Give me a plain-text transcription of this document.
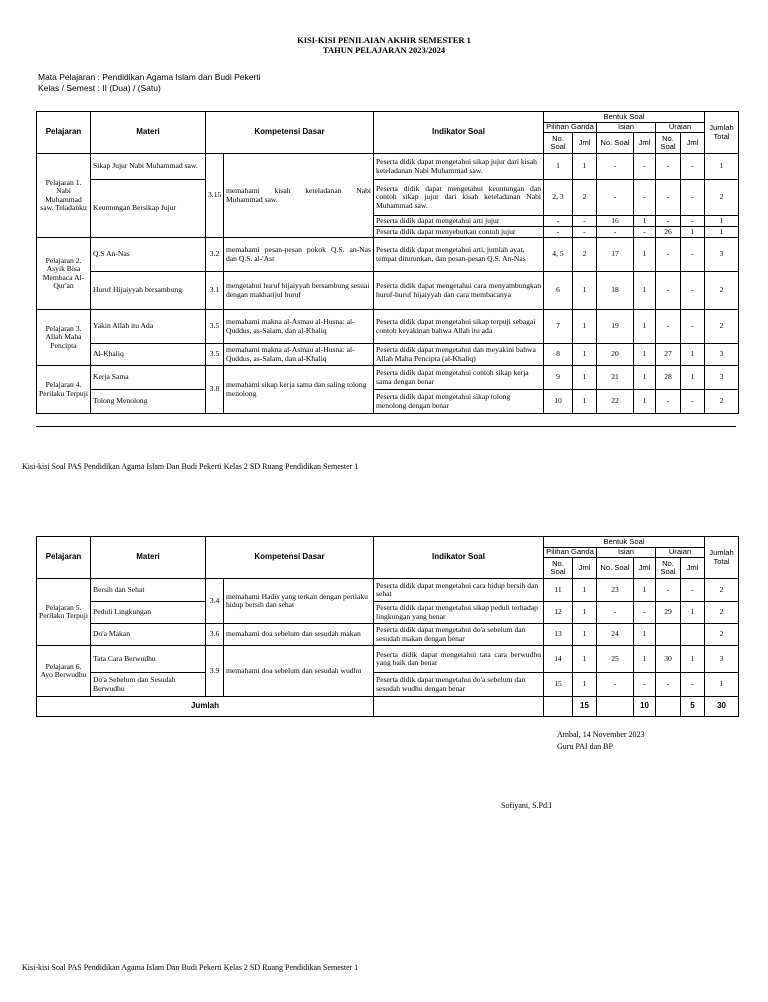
KISI-KISI PENILAIAN AKHIR SEMESTER 1
TAHUN PELAJARAN 2023/2024
Mata Pelajaran : Pendidikan Agama Islam dan Budi Pekerti
Kelas / Semest : II (Dua) / (Satu)
Pelajaran	Materi	Kompetensi Dasar		Indikator Soal	Bentuk Soal						Jumlah Total
					Pilihan Ganda		Isian		Uraian		
					No. Soal	Jml	No. Soal	Jml	No. Soal	Jml	
Pelajaran 1. Nabi Muhammad saw. Teladanku	Sikap Jujur Nabi Muhammad saw.	3.15	memahami kisah keteladanan Nabi Muhammad saw.	Peserta didik dapat mengetahui sikap jujur dari kisah keteladanan Nabi Muhammad saw.	1	1	-	-	-	-	1
	Keuntungan Bersikap Jujur			Peserta didik dapat mengetahui keuntungan dan contoh sikap jujur dari kisah keteladanan Nabi Muhammad saw.	2, 3	2	-	-	-	-	2
				Peserta didik dapat mengetahui arti jujur	-	-	16	1	-	-	1
				Peserta didik dapat menyebutkan contoh jujur	-	-	-	-	26	1	1
Pelajaran 2. Asyik Bisa Membaca Al-Qur'an	Q.S An-Nas	3.2	memahami pesan-pesan pokok Q.S. an-Nas dan Q.S. al-'Asr	Peserta didik dapat mengetahui arti, jumlah ayat, tempat diturunkan, dan pesan-pesan Q.S. An-Nas	4, 5	2	17	1	-	-	3
	Huruf Hijaiyyah bersambung	3.1	mengetahui huruf hijaiyyah bersambung sesuai dengan makharijul huruf	Peserta didik dapat mengetahui cara menyambungkan huruf-huruf hijaiyyah dan cara membacanya	6	1	18	1	-	-	2
Pelajaran 3. Allah Maha Pencipta	Yakin Allah itu Ada	3.5	memahami makna al-Asmau al-Husna: al-Quddus, as-Salam, dan al-Khaliq	Peserta didik dapat mengetahui sikap terpuji sebagai contoh keyakinan bahwa Allah itu ada	7	1	19	1	-	-	2
	Al-Khaliq	3.5	memahami makna al-Asmau al-Husna: al-Quddus, as-Salam, dan al-Khaliq	Peserta didik dapat mengetahui dan meyakini bahwa Allah Maha Pencipta (al-Khaliq)	8	1	20	1	27	1	3
Pelajaran 4. Perilaku Terpuji	Kerja Sama	3.8	memahami sikap kerja sama dan saling tolong menolong	Peserta didik dapat mengetahui contoh sikap kerja sama dengan benar	9	1	21	1	28	1	3
	Tolong Menolong			Peserta didik dapat mengetahui sikap tolong menolong dengan benar	10	1	22	1	-	-	2
Kisi-kisi Soal PAS Pendidikan Agama Islam Dan Budi Pekerti Kelas 2 SD Ruang Pendidikan Semester 1
Pelajaran	Materi	Kompetensi Dasar		Indikator Soal	Bentuk Soal						Jumlah Total
					Pilihan Ganda		Isian		Uraian		
					No. Soal	Jml	No. Soal	Jml	No. Soal	Jml	
Pelajaran 5. Perilaku Terpuji	Bersih dan Sehat	3.4	memahami Hadis yang terkait dengan perilaku hidup bersih dan sehat	Peserta didik dapat mengetahui cara hidup bersih dan sehat	11	1	23	1	-	-	2
	Peduli Lingkungan			Peserta didik dapat mengetahui sikap peduli terhadap lingkungan yang benar	12	1	-	-	29	1	2
	Do'a Makan	3.6	memahami doa sebelum dan sesudah makan	Peserta didik dapat mengetahui do'a sebelum dan sesudah makan dengan benar	13	1	24	1			2
Pelajaran 6. Ayo Berwudhu	Tata Cara Berwudhu	3.9	memahami doa sebelum dan sesudah wudhu	Peserta didik dapat mengetahui tata cara berwudhu yang baik dan benar	14	1	25	1	30	1	3
	Do'a Sebelum dan Sesudah Berwudhu			Peserta didik dapat mengetahui do'a sebelum dan sesudah wudhu dengan benar	15	1	-	-	-	-	1
Jumlah						15		10		5	30
Ambal, 14 November 2023
Guru PAI dan BP
Sofiyani, S.Pd.I
Kisi-kisi Soal PAS Pendidikan Agama Islam Dan Budi Pekerti Kelas 2 SD Ruang Pendidikan Semester 1
